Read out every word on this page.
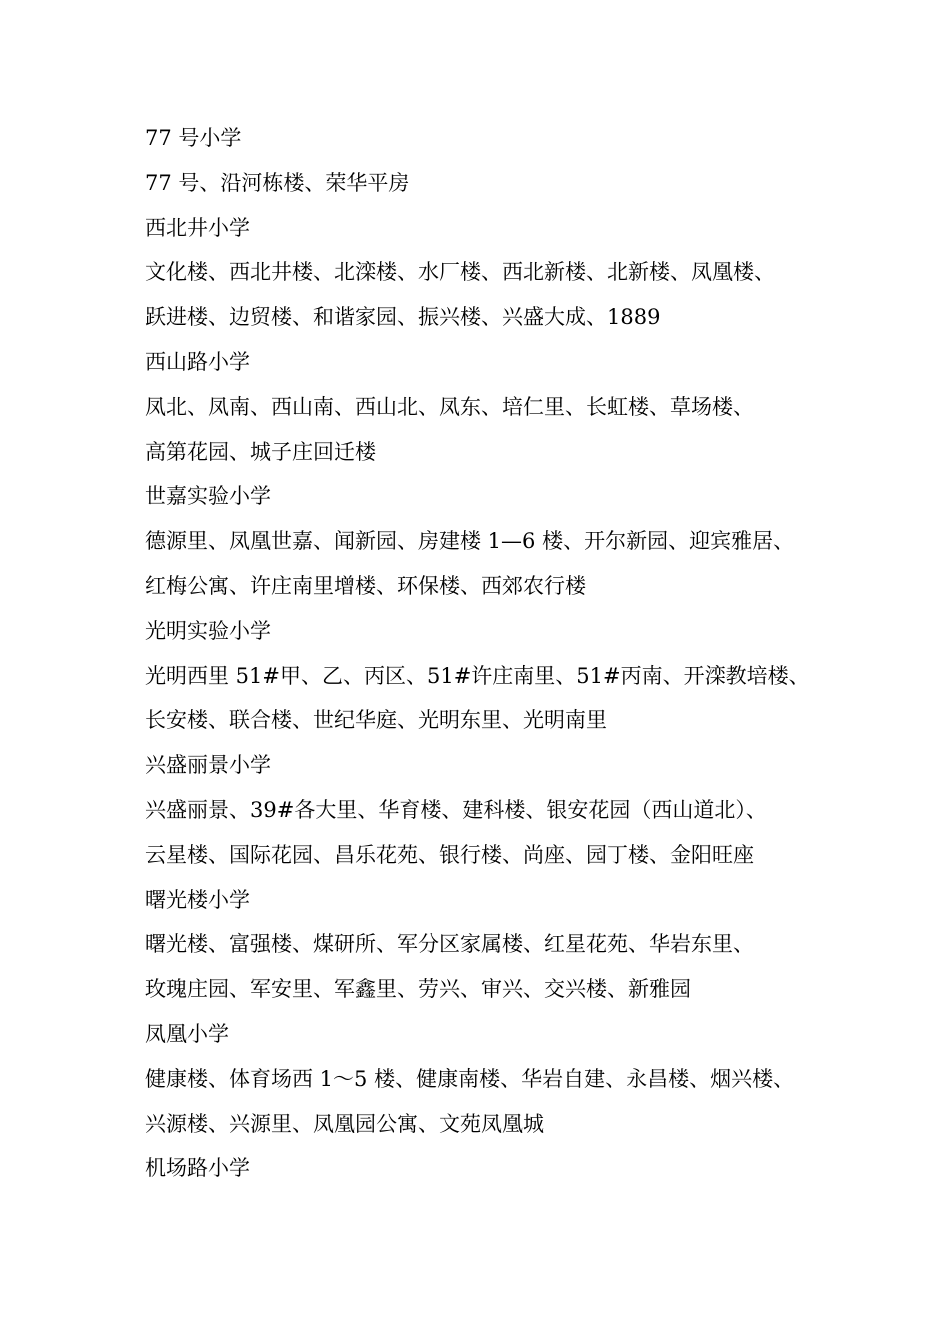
77 号小学
77 号、沿河栋楼、荣华平房
西北井小学
文化楼、西北井楼、北滦楼、水厂楼、西北新楼、北新楼、凤凰楼、
跃进楼、边贸楼、和谐家园、振兴楼、兴盛大成、1889
西山路小学
凤北、凤南、西山南、西山北、凤东、培仁里、长虹楼、草场楼、
高第花园、城子庄回迁楼
世嘉实验小学
德源里、凤凰世嘉、闻新园、房建楼 1—6 楼、开尔新园、迎宾雅居、
红梅公寓、许庄南里增楼、环保楼、西郊农行楼
光明实验小学
光明西里 51#甲、乙、丙区、51#许庄南里、51#丙南、开滦教培楼、
长安楼、联合楼、世纪华庭、光明东里、光明南里
兴盛丽景小学
兴盛丽景、39#各大里、华育楼、建科楼、银安花园（西山道北）、
云星楼、国际花园、昌乐花苑、银行楼、尚座、园丁楼、金阳旺座
曙光楼小学
曙光楼、富强楼、煤研所、军分区家属楼、红星花苑、华岩东里、
玫瑰庄园、军安里、军鑫里、劳兴、审兴、交兴楼、新雅园
凤凰小学
健康楼、体育场西 1～5 楼、健康南楼、华岩自建、永昌楼、烟兴楼、
兴源楼、兴源里、凤凰园公寓、文苑凤凰城
机场路小学
